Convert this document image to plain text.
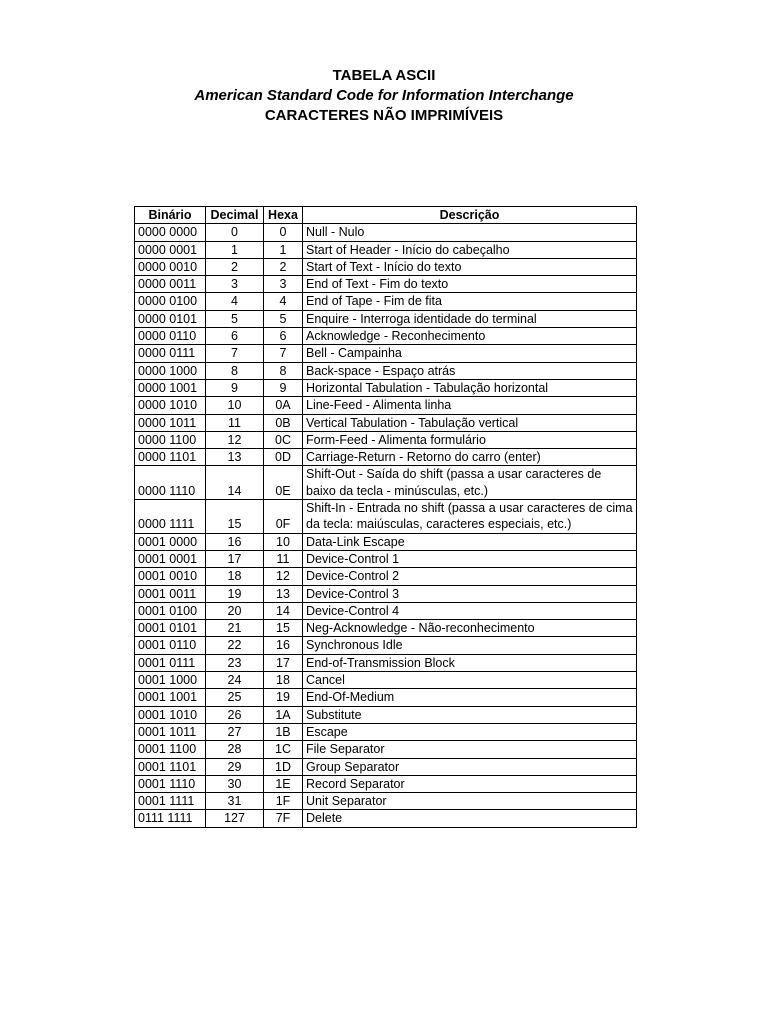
TABELA ASCII
American Standard Code for Information Interchange
CARACTERES NÃO IMPRIMÍVEIS
Binário	Decimal	Hexa	Descrição
0000 0000	0	0	Null - Nulo
0000 0001	1	1	Start of Header - Início do cabeçalho
0000 0010	2	2	Start of Text - Início do texto
0000 0011	3	3	End of Text - Fim do texto
0000 0100	4	4	End of Tape - Fim de fita
0000 0101	5	5	Enquire - Interroga identidade do terminal
0000 0110	6	6	Acknowledge - Reconhecimento
0000 0111	7	7	Bell - Campainha
0000 1000	8	8	Back-space - Espaço atrás
0000 1001	9	9	Horizontal Tabulation - Tabulação horizontal
0000 1010	10	0A	Line-Feed - Alimenta linha
0000 1011	11	0B	Vertical Tabulation - Tabulação vertical
0000 1100	12	0C	Form-Feed - Alimenta formulário
0000 1101	13	0D	Carriage-Return - Retorno do carro (enter)
0000 1110	14	0E	Shift-Out - Saída do shift (passa a usar caracteres de baixo da tecla - minúsculas, etc.)
0000 1111	15	0F	Shift-In - Entrada no shift (passa a usar caracteres de cima da tecla: maiúsculas, caracteres especiais, etc.)
0001 0000	16	10	Data-Link Escape
0001 0001	17	11	Device-Control 1
0001 0010	18	12	Device-Control 2
0001 0011	19	13	Device-Control 3
0001 0100	20	14	Device-Control 4
0001 0101	21	15	Neg-Acknowledge - Não-reconhecimento
0001 0110	22	16	Synchronous Idle
0001 0111	23	17	End-of-Transmission Block
0001 1000	24	18	Cancel
0001 1001	25	19	End-Of-Medium
0001 1010	26	1A	Substitute
0001 1011	27	1B	Escape
0001 1100	28	1C	File Separator
0001 1101	29	1D	Group Separator
0001 1110	30	1E	Record Separator
0001 1111	31	1F	Unit Separator
0111 1111	127	7F	Delete
